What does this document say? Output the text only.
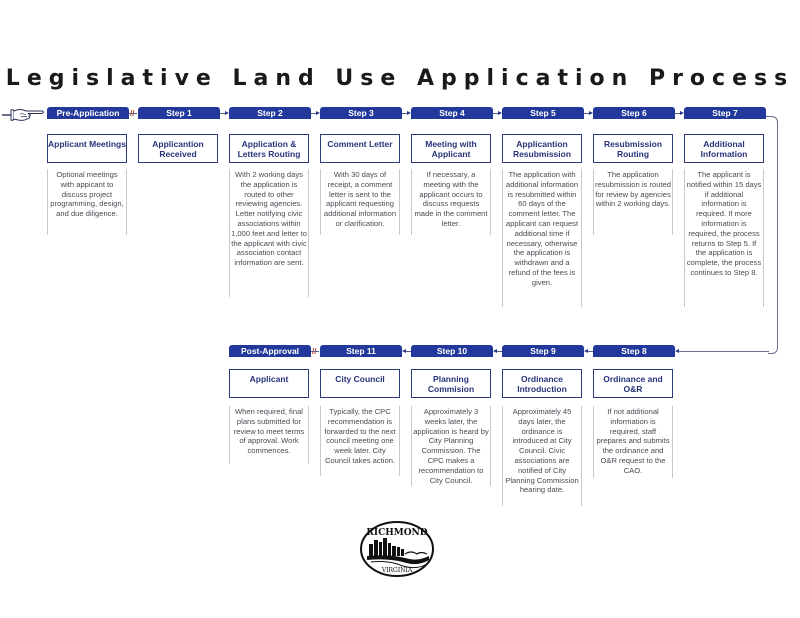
Legislative Land Use Application Process
Pre-Application
Applicant Meetings
Optional meetings with appicant to discuss project programming, design, and due diligence.
Step 1
Applicantion Received
Step 2
Application & Letters Routing
With 2 working days the application is routed to other reviewing agencies. Letter notifying civic associations within 1,000 feet and letter to the applicant with civic association contact information are sent.
Step 3
Comment Letter
With 30 days of receipt, a comment letter is sent to the applicant requesting additional information or clarification.
Step 4
Meeting with Applicant
If necessary, a meeting with the applicant occurs to discuss requests made in the comment letter.
Step 5
Applicantion Resubmission
The application with additional information is resubmitted within 60 days of the comment letter. The applicant can request additional time if necessary, otherwise the application is withdrawn and a refund of the fees is given.
Step 6
Resubmission Routing
The application resubmission is routed for review by agencies within 2 working days.
Step 7
Additional Information
The applicant is notified within 15 days if additional information is required. If more information is required, the process returns to Step 5. If the application is complete, the process continues to Step 8.
Post-Approval
Applicant
When required, final plans submitted for review to meet terms of approval. Work commences.
Step 11
City Council
Typically, the CPC recommendation is forwarded to the next council meeting one week later. City Council takes action.
Step 10
Planning Commision
Approximately 3 weeks later, the application is heard by City Planning Commission. The CPC makes a recommendation to City Council.
Step 9
Ordinance Introduction
Approximately 45 days later, the ordinance is introduced at City Council. Civic associations are notified of City Planning Commission hearing date.
Step 8
Ordinance and O&R
If not additional information is required, staff prepares and submits the ordinance and O&R request to the CAO.
RICHMOND
VIRGINIA
